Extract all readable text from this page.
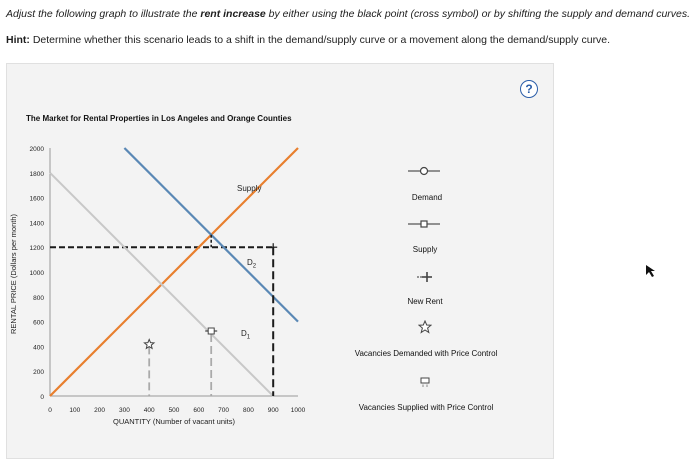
Adjust the following graph to illustrate the rent increase by either using the black point (cross symbol) or by shifting the supply and demand curves.
Hint: Determine whether this scenario leads to a shift in the demand/supply curve or a movement along the demand/supply curve.
?
The Market for Rental Properties in Los Angeles and Orange Counties
0
200
400
600
800
1000
1200
1400
1600
1800
2000
0	100 200 300 400 500 600 700 800 900 1000
RENTAL PRICE (Dollars per month)
QUANTITY (Number of vacant units)
Supply
$D_2$
$D_1$
Demand
Supply
New Rent
Vacancies Demanded with Price Control
Vacancies Supplied with Price Control
